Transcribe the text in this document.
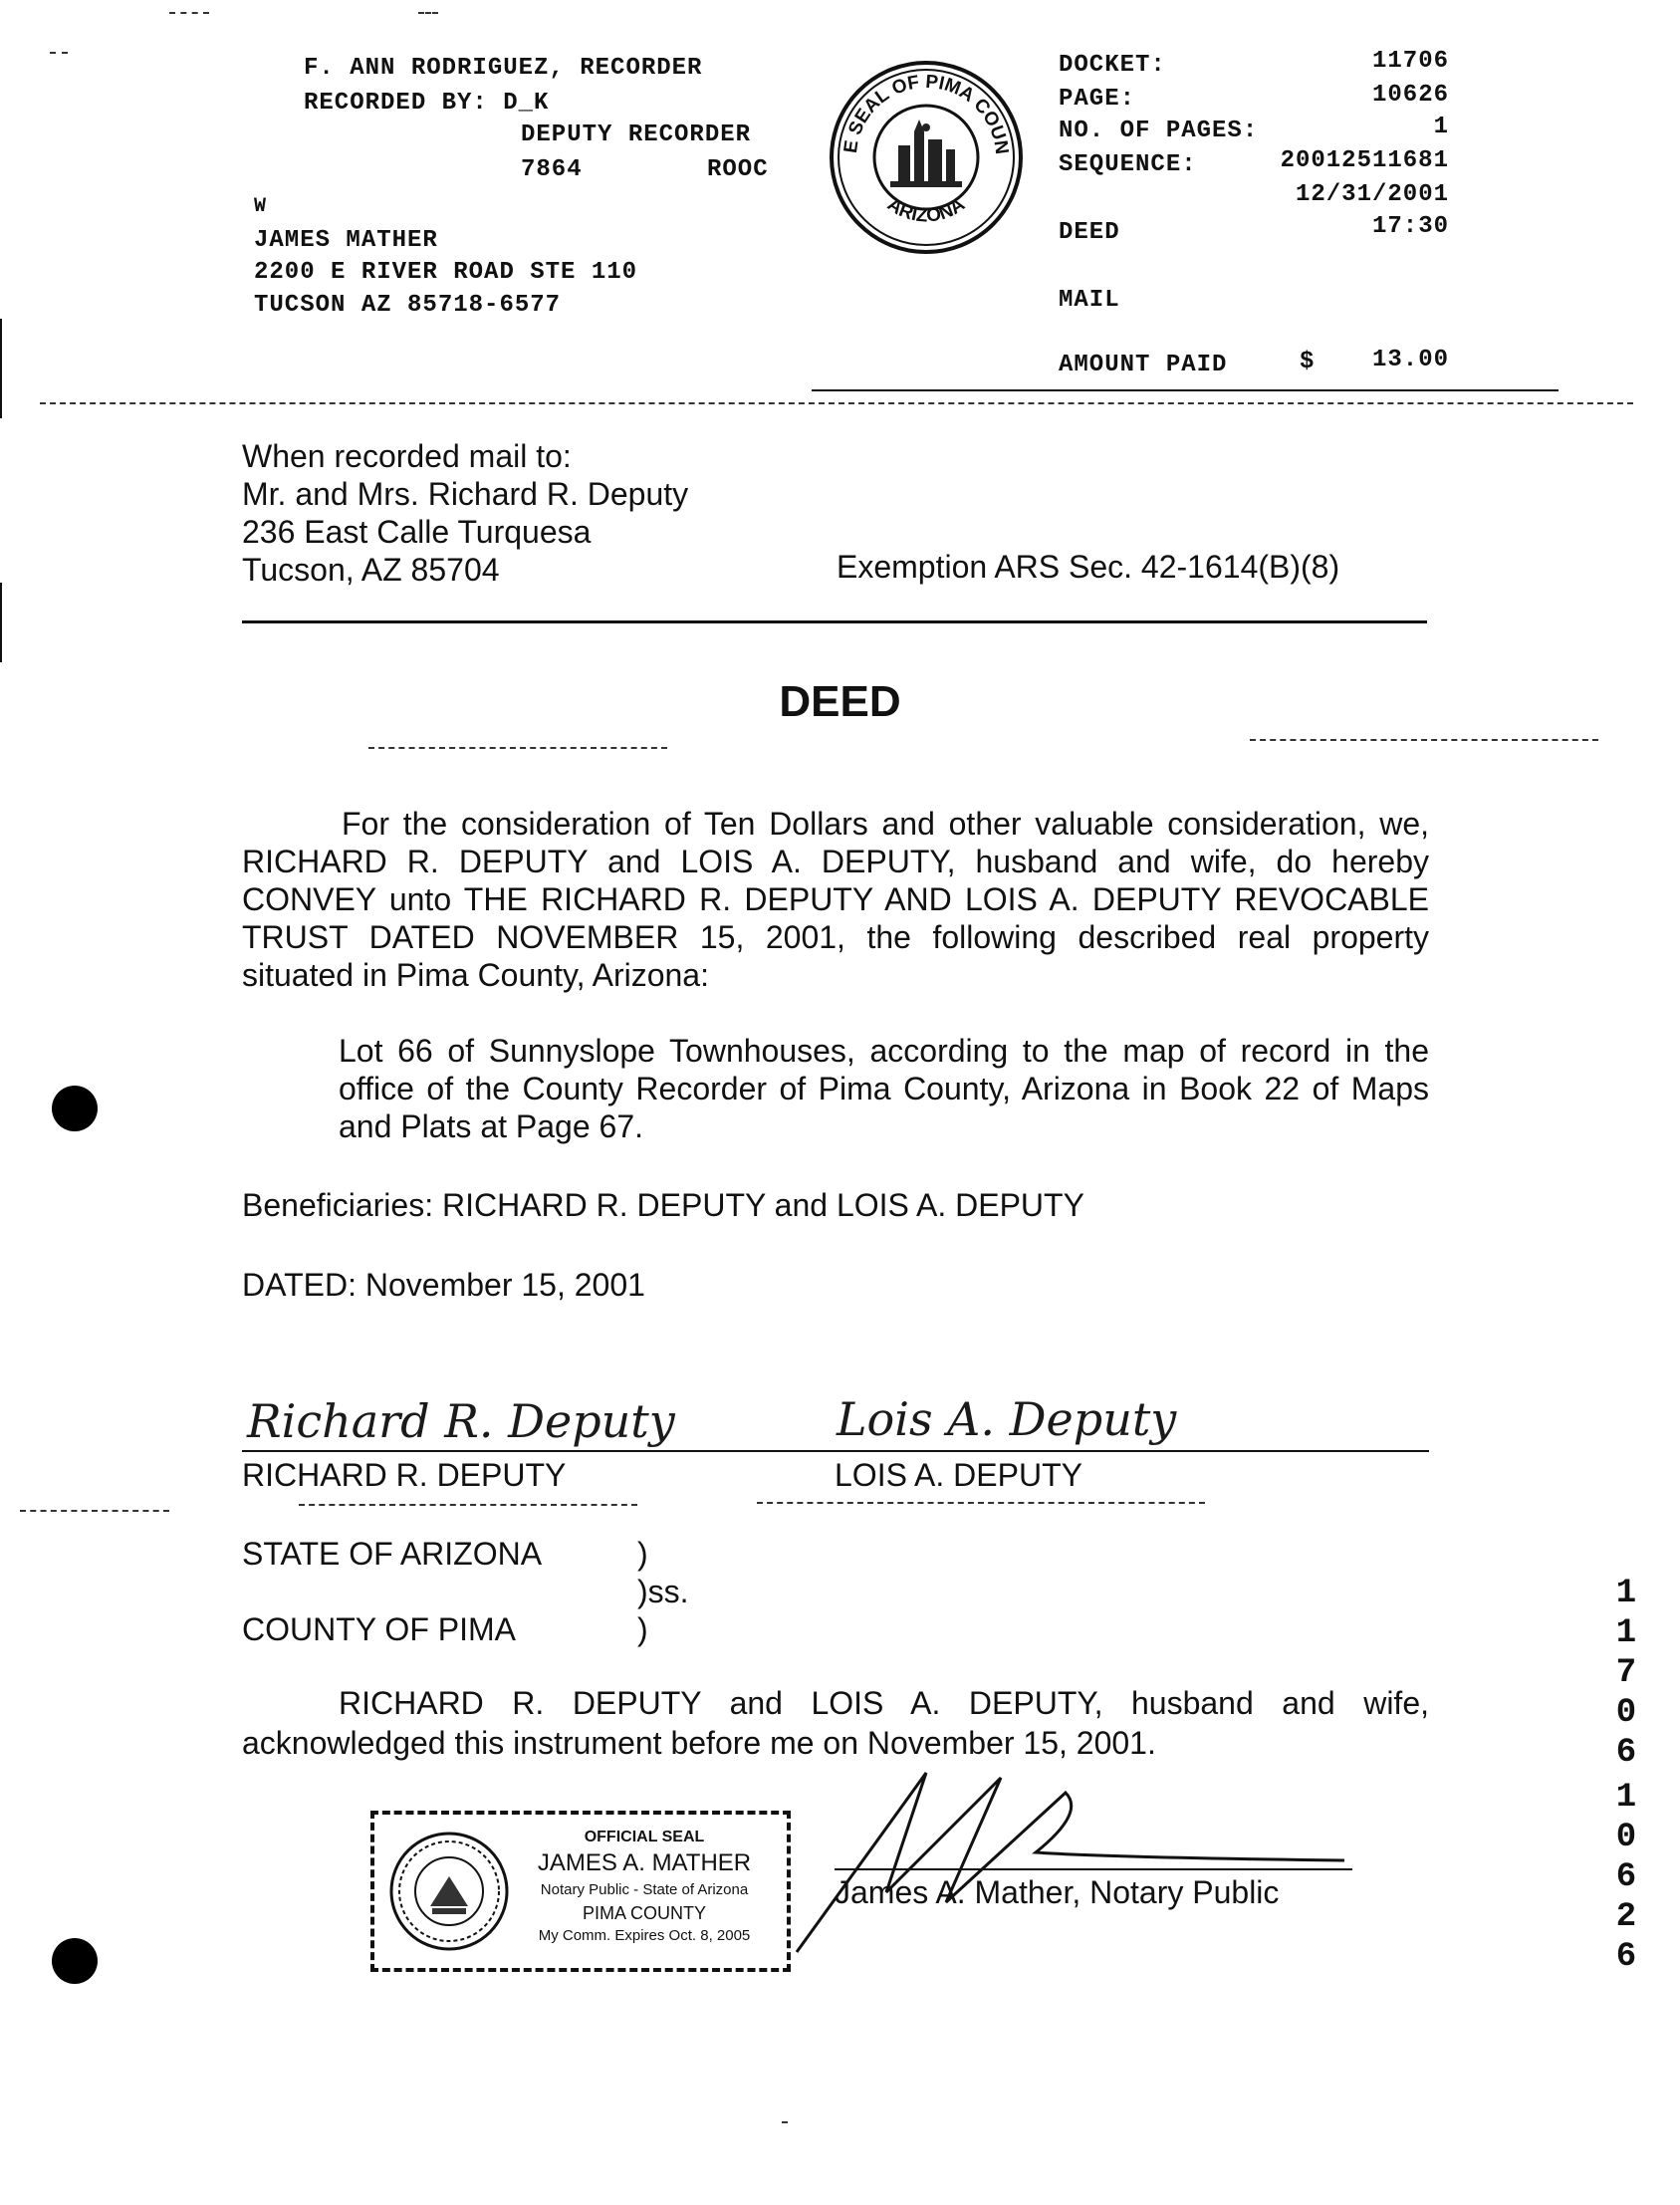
F. ANN RODRIGUEZ, RECORDER
RECORDED BY: D_K
DEPUTY RECORDER
7864	ROOC
W
JAMES MATHER
2200 E RIVER ROAD STE 110
TUCSON AZ 85718-6577
E SEAL OF PIMA COUN
ARIZONA
DOCKET:	11706
PAGE:	10626
NO. OF PAGES:	1
SEQUENCE:	20012511681
12/31/2001
DEED	17:30
MAIL
AMOUNT PAID	$	13.00
When recorded mail to:
Mr. and Mrs. Richard R. Deputy
236 East Calle Turquesa
Tucson, AZ 85704	Exemption ARS Sec. 42-1614(B)(8)
DEED
For the consideration of Ten Dollars and other valuable consideration, we, RICHARD R. DEPUTY and LOIS A. DEPUTY, husband and wife, do hereby CONVEY unto THE RICHARD R. DEPUTY AND LOIS A. DEPUTY REVOCABLE TRUST DATED NOVEMBER 15, 2001, the following described real property situated in Pima County, Arizona:
Lot 66 of Sunnyslope Townhouses, according to the map of record in the office of the County Recorder of Pima County, Arizona in Book 22 of Maps and Plats at Page 67.
Beneficiaries: RICHARD R. DEPUTY and LOIS A. DEPUTY
DATED: November 15, 2001
Richard R. Deputy
RICHARD R. DEPUTY
Lois A. Deputy
LOIS A. DEPUTY
STATE OF ARIZONA	)
)ss.
COUNTY OF PIMA	)
RICHARD R. DEPUTY and LOIS A. DEPUTY, husband and wife, acknowledged this instrument before me on November 15, 2001.
OFFICIAL SEAL
JAMES A. MATHER
Notary Public - State of Arizona
PIMA COUNTY
My Comm. Expires Oct. 8, 2005
James A. Mather, Notary Public
1
1
7
0
6
1
0
6
2
6
